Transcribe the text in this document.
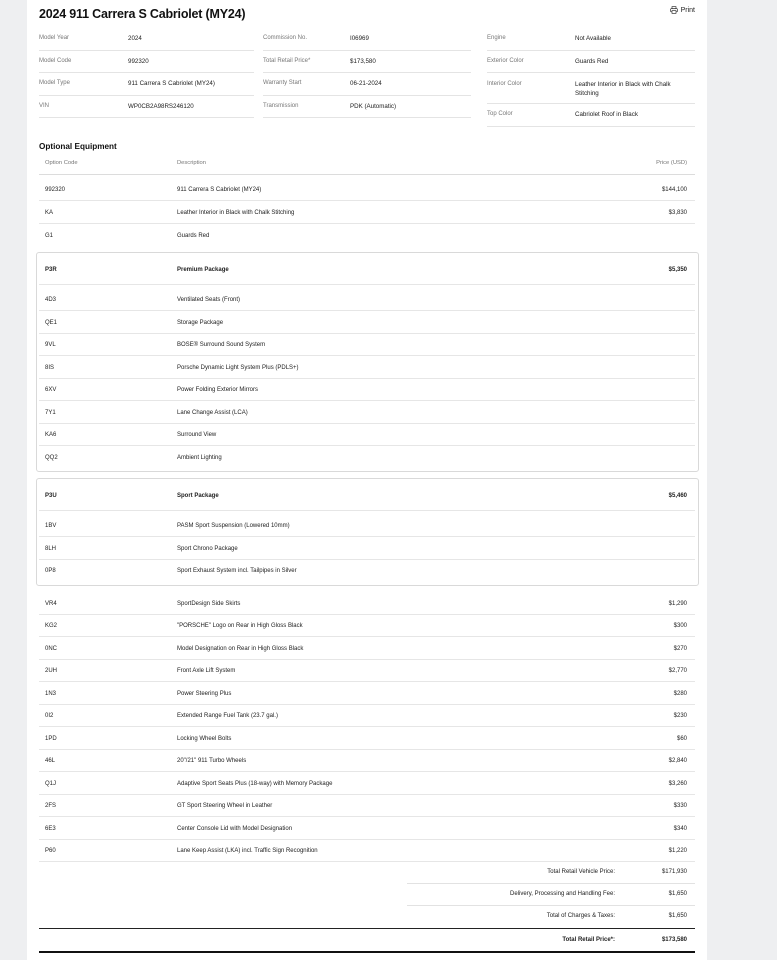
2024 911 Carrera S Cabriolet (MY24)	Print
Model Year	2024
Model Code	992320
Model Type	911 Carrera S Cabriolet (MY24)
VIN	WP0CB2A98RS246120
Commission No.	I06969
Total Retail Price*	$173,580
Warranty Start	06-21-2024
Transmission	PDK (Automatic)
Engine	Not Available
Exterior Color	Guards Red
Interior Color	Leather Interior in Black with Chalk Stitching
Top Color	Cabriolet Roof in Black
Optional Equipment
Option Code	Description	Price (USD)
992320	911 Carrera S Cabriolet (MY24)	$144,100
KA	Leather Interior in Black with Chalk Stitching	$3,830
G1	Guards Red
P3R	Premium Package	$5,350
4D3	Ventilated Seats (Front)
QE1	Storage Package
9VL	BOSE® Surround Sound System
8IS	Porsche Dynamic Light System Plus (PDLS+)
6XV	Power Folding Exterior Mirrors
7Y1	Lane Change Assist (LCA)
KA6	Surround View
QQ2	Ambient Lighting
P3U	Sport Package	$5,460
1BV	PASM Sport Suspension (Lowered 10mm)
8LH	Sport Chrono Package
0P8	Sport Exhaust System incl. Tailpipes in Silver
VR4	SportDesign Side Skirts	$1,290
KG2	"PORSCHE" Logo on Rear in High Gloss Black	$300
0NC	Model Designation on Rear in High Gloss Black	$270
2UH	Front Axle Lift System	$2,770
1N3	Power Steering Plus	$280
0I2	Extended Range Fuel Tank (23.7 gal.)	$230
1PD	Locking Wheel Bolts	$60
46L	20"/21" 911 Turbo Wheels	$2,840
Q1J	Adaptive Sport Seats Plus (18-way) with Memory Package	$3,260
2FS	GT Sport Steering Wheel in Leather	$330
6E3	Center Console Lid with Model Designation	$340
P60	Lane Keep Assist (LKA) incl. Traffic Sign Recognition	$1,220
Total Retail Vehicle Price:	$171,930
Delivery, Processing and Handling Fee:	$1,650
Total of Charges & Taxes:	$1,650
Total Retail Price*:	$173,580
